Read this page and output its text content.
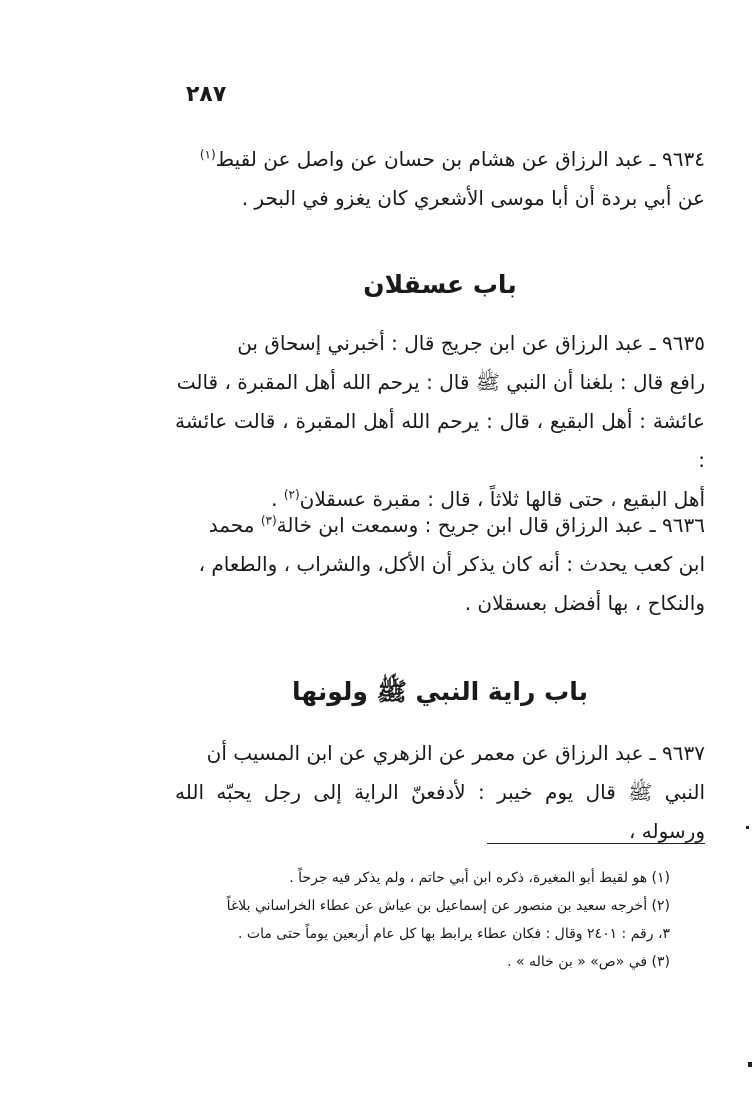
٢٨٧

٩٦٣٤ ـ عبد الرزاق عن هشام بن حسان عن واصل عن لقيط$^{(١)}$

عن أبي بردة أن أبا موسى الأشعري كان يغزو في البحر .

باب عسقلان

٩٦٣٥ ـ عبد الرزاق عن ابن جريج قال : أخبرني إسحاق بن

رافع قال : بلغنا أن النبي ﷺ قال : يرحم الله أهل المقبرة ، قالت

عائشة : أهل البقيع ، قال : يرحم الله أهل المقبرة ، قالت عائشة :

أهل البقيع ، حتى قالها ثلاثاً ، قال : مقبرة عسقلان$^{(٢)}$ .

٩٦٣٦ ـ عبد الرزاق قال ابن جريح : وسمعت ابن خالة$^{(٣)}$ محمد

ابن كعب يحدث : أنه كان يذكر أن الأكل، والشراب ، والطعام ،

والنكاح ، بها أفضل بعسقلان .

باب راية النبي ﷺ ولونها

٩٦٣٧ ـ عبد الرزاق عن معمر عن الزهري عن ابن المسيب أن

النبي ﷺ قال يوم خيبر : لأدفعنّ الراية إلى رجل يحبّه الله ورسوله ،

(١) هو لقيط أبو المغيرة، ذكره ابن أبي حاتم ، ولم يذكر فيه جرحاً .

(٢) أخرجه سعيد بن منصور عن إسماعيل بن عياش عن عطاء الخراساني بلاغاً

٣، رقم : ٢٤٠١ وقال : فكان عطاء يرابط بها كل عام أربعين يوماً حتى مات .

(٣) في «ص» « بن خاله » .
